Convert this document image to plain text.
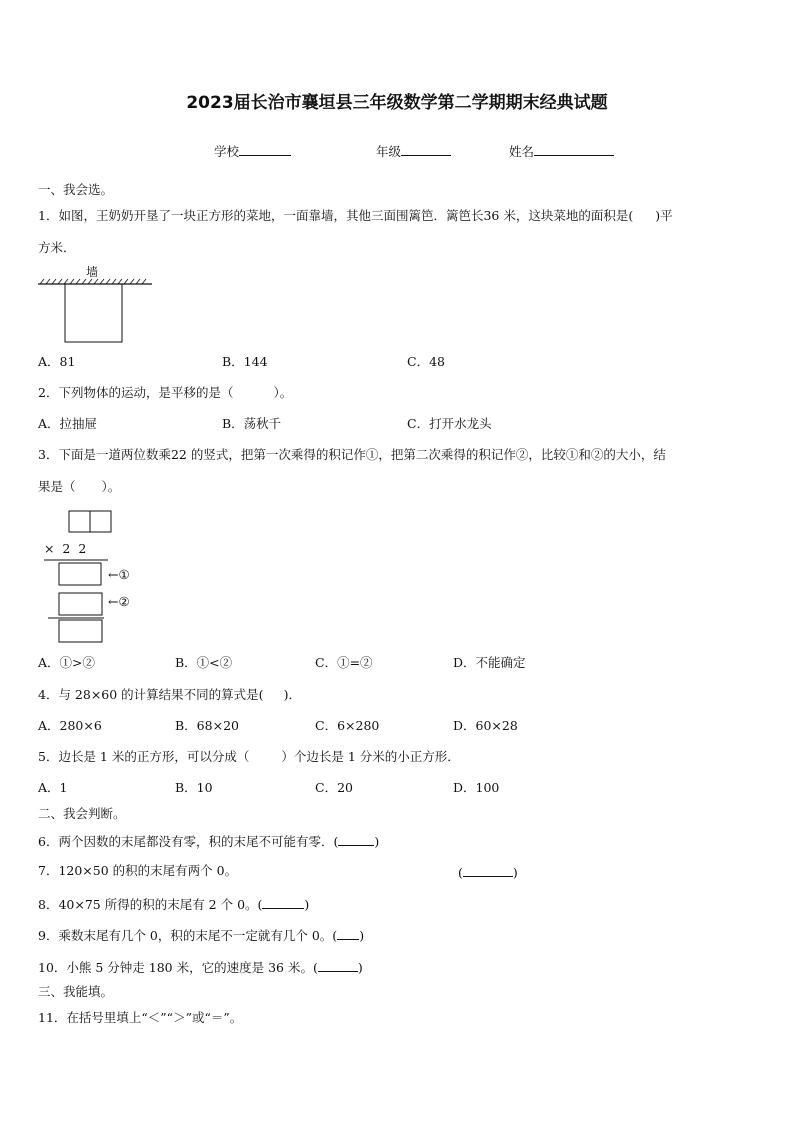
2023届长治市襄垣县三年级数学第二学期期末经典试题
学校	年级	姓名
一、我会选。
1．如图，王奶奶开垦了一块正方形的菜地，一面靠墙，其他三面围篱笆．篱笆长36 米，这块菜地的面积是( )平
方米．
墙
A．81	B．144	C．48
2．下列物体的运动，是平移的是（	）。
A．拉抽屉	B．荡秋千	C．打开水龙头
3．下面是一道两位数乘22 的竖式，把第一次乘得的积记作①，把第二次乘得的积记作②，比较①和②的大小，结
果是（ ）。
×  2  2
←①
←②
A．①>②	B．①<②	C．①=②	D．不能确定
4．与 28×60 的计算结果不同的算式是( )．
A．280×6	B．68×20	C．6×280	D．60×28
5．边长是 1 米的正方形，可以分成（	）个边长是 1 分米的小正方形．
A．1	B．10	C．20	D．100
二、我会判断。
6．两个因数的末尾都没有零，积的末尾不可能有零．(	)
7．120×50 的积的末尾有两个 0。	(	)
8．40×75 所得的积的末尾有 2 个 0。(	)
9．乘数末尾有几个 0，积的末尾不一定就有几个 0。( )
10．小熊 5 分钟走 180 米，它的速度是 36 米。(	)
三、我能填。
11．在括号里填上“＜”“＞”或“＝”。
